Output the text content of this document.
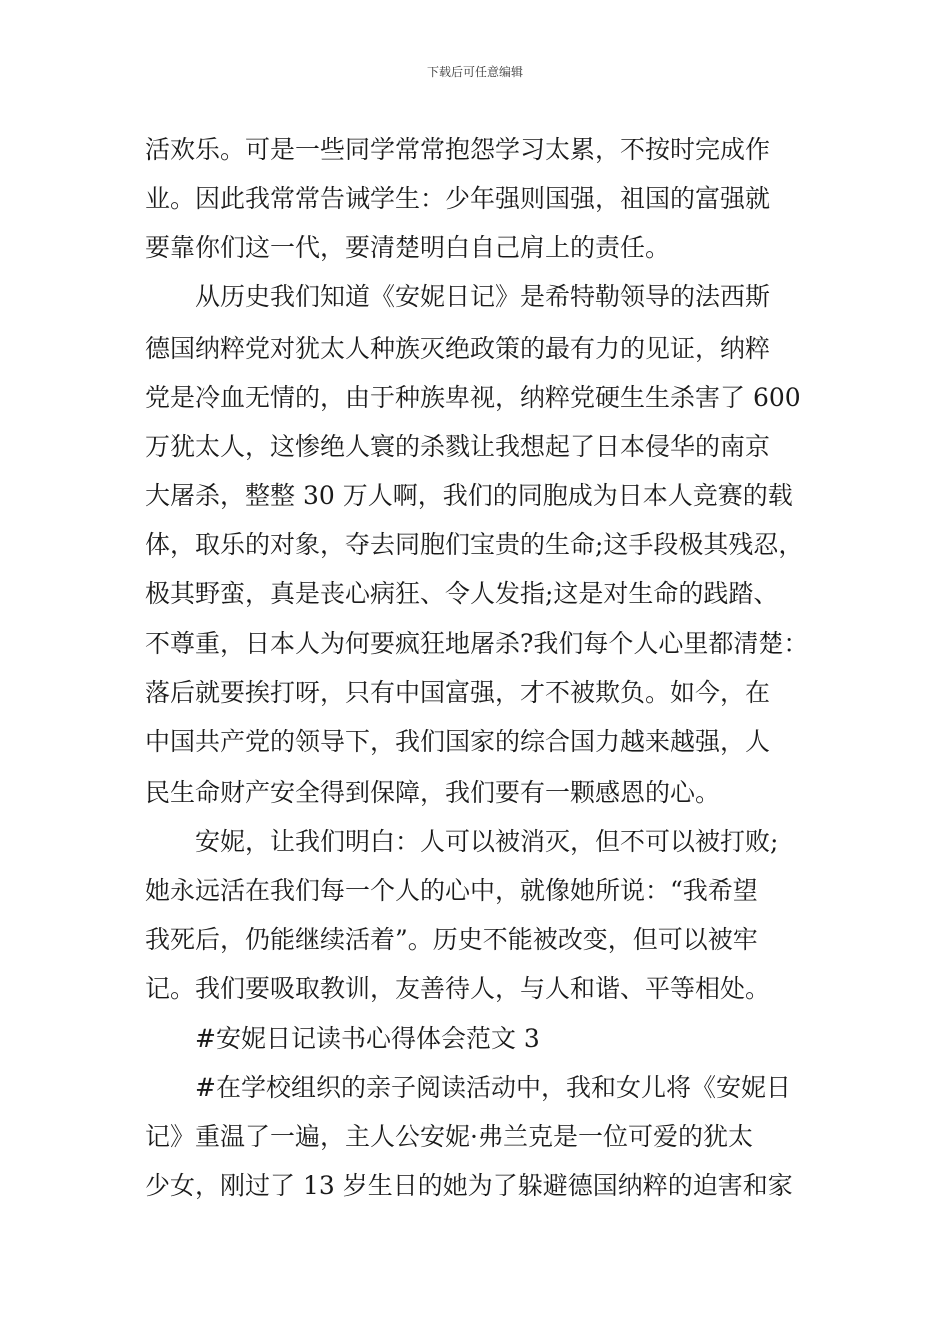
下载后可任意编辑
活欢乐。可是一些同学常常抱怨学习太累，不按时完成作
业。因此我常常告诫学生：少年强则国强，祖国的富强就
要靠你们这一代，要清楚明白自己肩上的责任。
从历史我们知道《安妮日记》是希特勒领导的法西斯
德国纳粹党对犹太人种族灭绝政策的最有力的见证，纳粹
党是冷血无情的，由于种族卑视，纳粹党硬生生杀害了 600
万犹太人，这惨绝人寰的杀戮让我想起了日本侵华的南京
大屠杀，整整 30 万人啊，我们的同胞成为日本人竞赛的载
体，取乐的对象，夺去同胞们宝贵的生命;这手段极其残忍，
极其野蛮，真是丧心病狂、令人发指;这是对生命的践踏、
不尊重，日本人为何要疯狂地屠杀?我们每个人心里都清楚：
落后就要挨打呀，只有中国富强，才不被欺负。如今，在
中国共产党的领导下，我们国家的综合国力越来越强，人
民生命财产安全得到保障，我们要有一颗感恩的心。
安妮，让我们明白：人可以被消灭，但不可以被打败;
她永远活在我们每一个人的心中，就像她所说：“我希望
我死后，仍能继续活着”。历史不能被改变，但可以被牢
记。我们要吸取教训，友善待人，与人和谐、平等相处。
#安妮日记读书心得体会范文 3
#在学校组织的亲子阅读活动中，我和女儿将《安妮日
记》重温了一遍，主人公安妮·弗兰克是一位可爱的犹太
少女，刚过了 13 岁生日的她为了躲避德国纳粹的迫害和家
